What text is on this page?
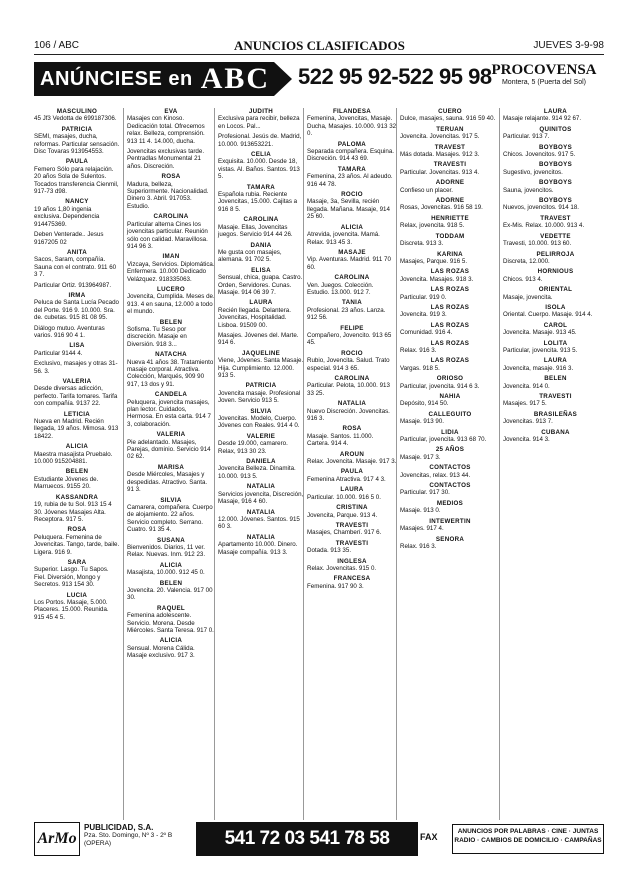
106 / ABC	ANUNCIOS CLASIFICADOS	JUEVES 3-9-98
ANÚNCIESE en ABC 522 95 92-522 95 98 PROCOVENSA
Montera, 5 (Puerta del Sol)
MASCULINO
45 Jf3 Vedotta de 699187306.
PATRICIA
SEMI, masajes, ducha, reformas. Particular sensación. Disc Tovaras 913954553.
PAULA
Femero Sólo para relajación. 20 años Sola de Sulentos. Tocados transferencia Cienmil, 917-73 d98.
NANCY
19 años 1,80 ingenia exclusiva. Dependencia 914475369.
Deben Venterade.. Jesus 9167205 02
ANITA
Sacos, Saram, compañía. Sauna con el contrato. 911 60 3 7.
Particular Ortiz. 913964987.
IRMA
Peluca de Santa Lucía Pecado del Porte. 916 9. 10.000. Sra. de. cubetas. 915 81 08 95.
Diálogo mutuo. Aventuras varios. 916 90 4 1.
LISA
Particular 9144 4.
Exclusivo, masajes y otras 31-56. 3.
VALERIA
Desde diversas adicción, perfecto. Tarifa tomares. Tarifa con compañía. 9137 22.
LETICIA
Nueva en Madrid. Recién llegada, 19 años. Mimosa. 913 18422.
ALICIA
Maestra masajista Pruebalo. 10.000 915204881.
BELEN
Estudiante Jóvenes de. Marruecos. 9155 20.
KASSANDRA
19, rubia de tu Sol. 913 15 4 30. Jóvenes Masajes Alta. Receptora. 917 5.
ROSA
Peluquera. Femenina de Jovencitas. Tango, tarde, baile. Ligera. 916 9.
SARA
Superior. Lasgo. Tu Sapos. Fiel. Diversión, Mongo y Secretos. 913 154 30.
LUCIA
Los Portos. Masaje, 5.000. Placeres. 15.000. Reunida. 915 45 4 5.
EVA
Masajes con Kinoso. Dedicación total. Ofrecemos relax. Belleza, comprensión. 913 11 4. 14.000, ducha.
Jovencitas exclusivas tarde. Pentradlas Monumental 21 años. Discreción.
ROSA
Madura, belleza, Superiormente. Nacionalidad. Dinero 3. Abril. 917053. Estudio.
CAROLINA
Particular alterna Cines los jovencitas particular. Reunión sólo con calidad. Maravillosa. 914 96 3.
IMAN
Vizcaya, Servicios. Diplomática. Enfermera. 10.000 Dedicado Velázquez. 918335063.
LUCERO
Jovencita, Cumplida. Meses de. 913. 4 en sauna, 12.000 a todo el mundo.
BELEN
Sofisma. Tu Seso por discreción. Masaje en Diversión. 918 3...
NATACHA
Nueva 41 años 38. Tratamiento masaje corporal. Atractiva. Colección, Marqués, 909 90 917, 13 dos y 91.
CANDELA
Peluquera, jovencita masajes, plan lector. Cuidados, Hermosa. En esta carta. 914 7 3, colaboración.
VALERIA
Pie adelantado. Masajes, Parejas, dominio. Servicio 914 02 62.
MARISA
Desde Miércoles, Masajes y despedidas. Atractivo. Santa. 91 3.
SILVIA
Camarera, compañera. Cuerpo de alojamiento. 22 años. Servicio completo. Serrano. Cuatro. 91 35 4.
SUSANA
Bienvenidos. Diarios, 11 ver. Relax. Nuevas. Inm. 912 23.
ALICIA
Masajista, 10.000. 912 45 0.
BELEN
Jovencita. 20. Valencia. 917 00 30.
RAQUEL
Femenina adolescente. Servicio. Morena. Desde Miércoles. Santa Teresa. 917 0.
ALICIA
Sensual. Morena Cálida. Masaje exclusivo. 917 3.
JUDITH
Exclusiva para recibir, belleza en Locos. Pal...
Profesional. Jesús de. Madrid, 10.000. 913653221.
CELIA
Exquisita. 10.000. Desde 18, vistas. Al. Baños. Santos. 913 5.
TAMARA
Española rubia. Reciente Jovencitas, 15.000. Cajitas a 916 8 5.
CAROLINA
Masaje. Ellas, Jovencitas juegos. Servicio 914 44 26.
DANIA
Me gusta con masajes, alemana. 91 702 5.
ELISA
Sensual, chica, guapa. Castro. Orden, Servidores. Cunas. Masaje. 914 06 39 7.
LAURA
Recién llegada. Delantera. Jovencitas, Hospitalidad. Lisboa. 91509 00.
Masajes. Jóvenes del. Marte. 914 6.
JAQUELINE
Viene, Jóvenes. Santa Masaje. Hija. Cumplimiento. 12.000. 913 5.
PATRICIA
Jovencita masaje. Profesional Joven. Servicio 913 5.
SILVIA
Jovencitas. Modelo, Cuerpo. Jóvenes con Reales. 914 4 0.
VALERIE
Desde 19.000, camarero. Relax, 913 30 23.
DANIELA
Jovencita Belleza. Dinamita. 10.000. 913 5.
NATALIA
Servicios jovencita, Discreción, Masaje, 916 4 60.
NATALIA
12.000. Jóvenes. Santos. 915 60 3.
NATALIA
Apartamento 10.000. Dinero. Masaje compañía. 913 3.
FILANDESA
Femenina, Jovencitas, Masaje. Ducha, Masajes. 10.000. 913 32 0.
PALOMA
Separada compañera. Esquina. Discreción. 914 43 69.
TAMARA
Femenina, 23 años. Al adeudo. 916 44 78.
ROCIO
Masaje, 3a, Sevilla, recién llegada. Mañana. Masaje, 914 25 60.
ALICIA
Atrevida, jovencita. Mamá. Relax. 913 45 3.
MASAJE
Vip. Aventuras. Madrid. 911 70 60.
CAROLINA
Ven. Juegos. Colección. Estudio. 13.000. 912 7.
TANIA
Profesional. 23 años. Lanza. 912 56.
FELIPE
Compañero, Jovencito. 913 65 45.
ROCIO
Rubio, Jovencita. Salud. Trato especial. 914 3 65.
CAROLINA
Particular. Pelota, 10.000. 913 33 25.
NATALIA
Nuevo Discreción. Jovencitas. 916 3.
ROSA
Masaje. Santos. 11.000. Cartera. 914 4.
AROUN
Relax. Jovencita. Masaje. 917 3.
PAULA
Femenina Atractiva. 917 4 3.
LAURA
Particular. 10.000. 916 5 0.
CRISTINA
Jovencita, Parque. 913 4.
TRAVESTI
Masajes, Chamberí. 917 6.
TRAVESTI
Dotada. 913 35.
INGLESA
Relax. Jovencitas. 915 0.
FRANCESA
Femenina. 917 90 3.
CUERO
Dulce, masajes, sauna. 916 59 40.
TERUAN
Jovencita. Jovencitas. 917 5.
TRAVEST
Más dotada. Masajes. 912 3.
TRAVESTI
Particular. Jovencitas. 913 4.
ADORNE
Confieso un placer.
ADORNE
Rosas, Jovencitas. 916 58 19.
HENRIETTE
Relax, jovencita. 918 5.
TODDAM
Discreta. 913 3.
KARINA
Masajes, Parque. 916 5.
LAS ROZAS
Jovencita. Masajes. 918 3.
LAS ROZAS
Particular. 919 0.
LAS ROZAS
Jovencita. 919 3.
LAS ROZAS
Comunidad. 916 4.
LAS ROZAS
Relax. 916 3.
LAS ROZAS
Vargas. 918 5.
ORIOSO
Particular, jovencita. 914 6 3.
NAHIA
Depósito, 914 50.
CALLEGUITO
Masaje. 913 90.
LIDIA
Particular, jovencita. 913 68 70.
25 AÑOS
Masaje. 917 3.
CONTACTOS
Jovencitas, relax. 913 44.
CONTACTOS
Particular. 917 30.
MEDIOS
Masaje. 913 0.
INTEWERTIN
Masajes. 917 4.
SENORA
Relax. 916 3.
LAURA
Masaje relajante. 914 92 67.
QUINITOS
Particular. 913 7.
BOYBOYS
Chicos. Jovencitos. 917 5.
BOYBOYS
Sugestivo, jovencitos.
BOYBOYS
Sauna, jovencitos.
BOYBOYS
Nuevos, jovencitos. 914 18.
TRAVEST
Ex-Mis. Relax. 10.000. 913 4.
VEDETTE
Travesti, 10.000. 913 60.
PELIRROJA
Discreta, 12.000.
HORNIOUS
Chicos. 913 4.
ORIENTAL
Masaje, jovencita.
ISOLA
Oriental. Cuerpo. Masaje. 914 4.
CAROL
Jovencita. Masaje. 913 45.
LOLITA
Particular, jovencita. 913 5.
LAURA
Jovencita, masaje. 916 3.
BELEN
Jovencita. 914 0.
TRAVESTI
Masajes. 917 5.
BRASILEÑAS
Jovencitas. 913 7.
CUBANA
Jovencita. 914 3.
ArMo
PUBLICIDAD, S.A.
Pza. Sto. Domingo, Nº 3 - 2º B (OPERA)	541 72 03 541 78 58	FAX
ANUNCIOS POR PALABRAS · CINE · JUNTAS
RADIO · CAMBIOS DE DOMICILIO · CAMPAÑAS
